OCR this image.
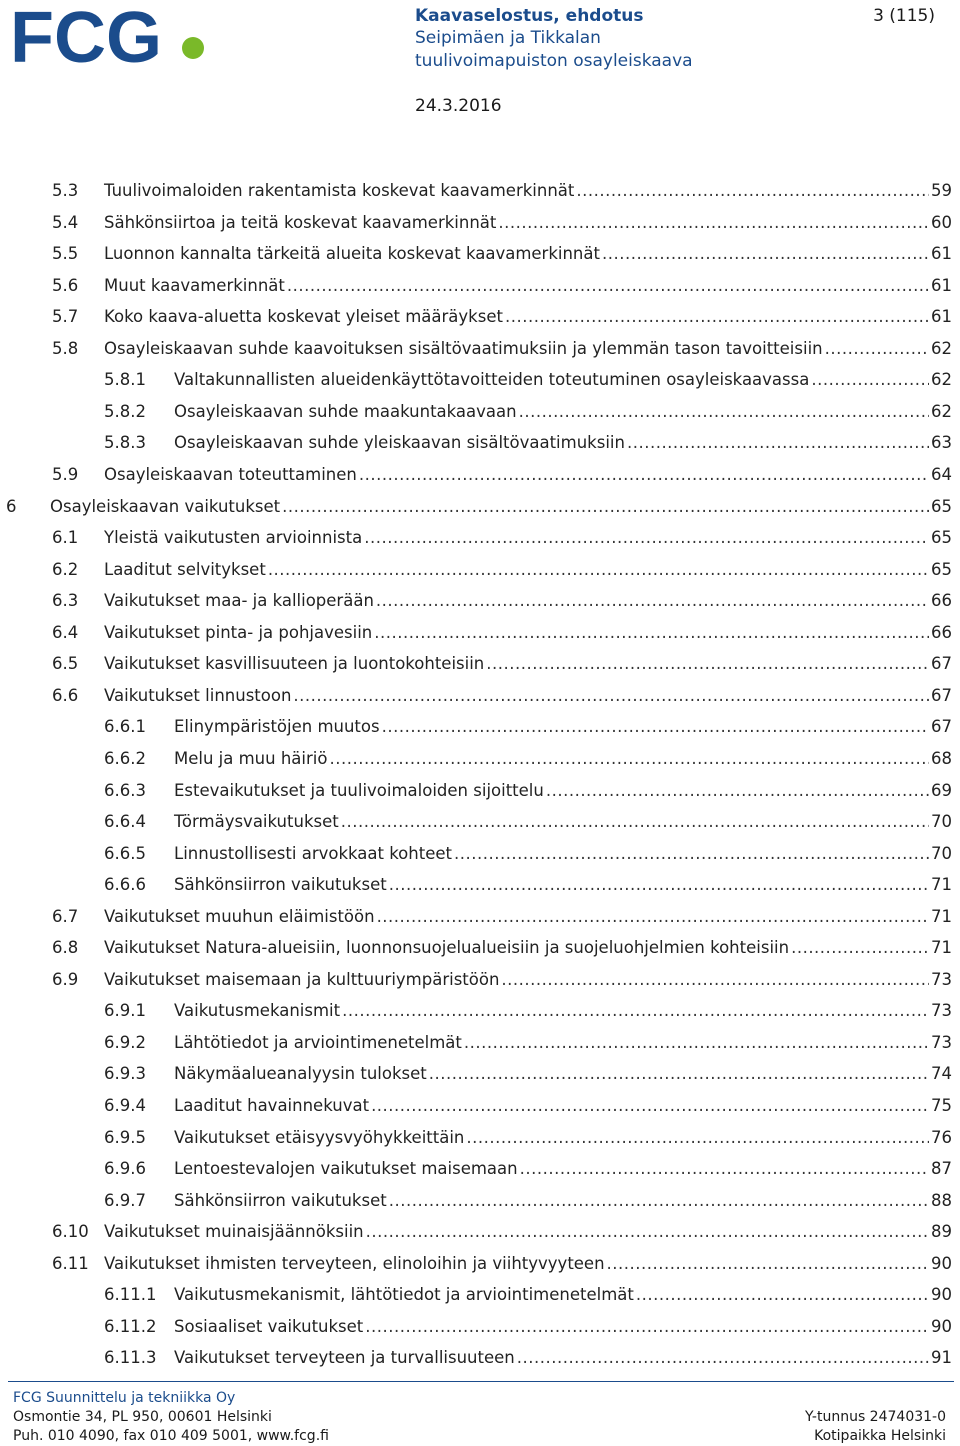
FCG	Kaavaselostus, ehdotus	3 (115)
Seipimäen ja Tikkalan
tuulivoimapuiston osayleiskaava
24.3.2016
5.3 Tuulivoimaloiden rakentamista koskevat kaavamerkinnät .....	59
5.4 Sähkönsiirtoa ja teitä koskevat kaavamerkinnät .....	60
5.5 Luonnon kannalta tärkeitä alueita koskevat kaavamerkinnät .....	61
5.6 Muut kaavamerkinnät .....	61
5.7 Koko kaava-aluetta koskevat yleiset määräykset .....	61
5.8 Osayleiskaavan suhde kaavoituksen sisältövaatimuksiin ja ylemmän tason tavoitteisiin .....	62
5.8.1 Valtakunnallisten alueidenkäyttötavoitteiden toteutuminen osayleiskaavassa .....	62
5.8.2 Osayleiskaavan suhde maakuntakaavaan .....	62
5.8.3 Osayleiskaavan suhde yleiskaavan sisältövaatimuksiin .....	63
5.9 Osayleiskaavan toteuttaminen .....	64
6 Osayleiskaavan vaikutukset .....	65
6.1 Yleistä vaikutusten arvioinnista .....	65
6.2 Laaditut selvitykset .....	65
6.3 Vaikutukset maa- ja kallioperään .....	66
6.4 Vaikutukset pinta- ja pohjavesiin .....	66
6.5 Vaikutukset kasvillisuuteen ja luontokohteisiin .....	67
6.6 Vaikutukset linnustoon .....	67
6.6.1 Elinympäristöjen muutos .....	67
6.6.2 Melu ja muu häiriö .....	68
6.6.3 Estevaikutukset ja tuulivoimaloiden sijoittelu .....	69
6.6.4 Törmäysvaikutukset .....	70
6.6.5 Linnustollisesti arvokkaat kohteet .....	70
6.6.6 Sähkönsiirron vaikutukset .....	71
6.7 Vaikutukset muuhun eläimistöön .....	71
6.8 Vaikutukset Natura-alueisiin, luonnonsuojelualueisiin ja suojeluohjelmien kohteisiin .....	71
6.9 Vaikutukset maisemaan ja kulttuuriympäristöön .....	73
6.9.1 Vaikutusmekanismit .....	73
6.9.2 Lähtötiedot ja arviointimenetelmät .....	73
6.9.3 Näkymäalueanalyysin tulokset .....	74
6.9.4 Laaditut havainnekuvat .....	75
6.9.5 Vaikutukset etäisyysvyöhykkeittäin .....	76
6.9.6 Lentoestevalojen vaikutukset maisemaan .....	87
6.9.7 Sähkönsiirron vaikutukset .....	88
6.10 Vaikutukset muinaisjäännöksiin .....	89
6.11 Vaikutukset ihmisten terveyteen, elinoloihin ja viihtyvyyteen .....	90
6.11.1 Vaikutusmekanismit, lähtötiedot ja arviointimenetelmät .....	90
6.11.2 Sosiaaliset vaikutukset .....	90
6.11.3 Vaikutukset terveyteen ja turvallisuuteen .....	91
FCG Suunnittelu ja tekniikka Oy
Osmontie 34, PL 950, 00601 Helsinki
Puh. 010 4090, fax 010 409 5001, www.fcg.fi
Y-tunnus 2474031-0
Kotipaikka Helsinki
